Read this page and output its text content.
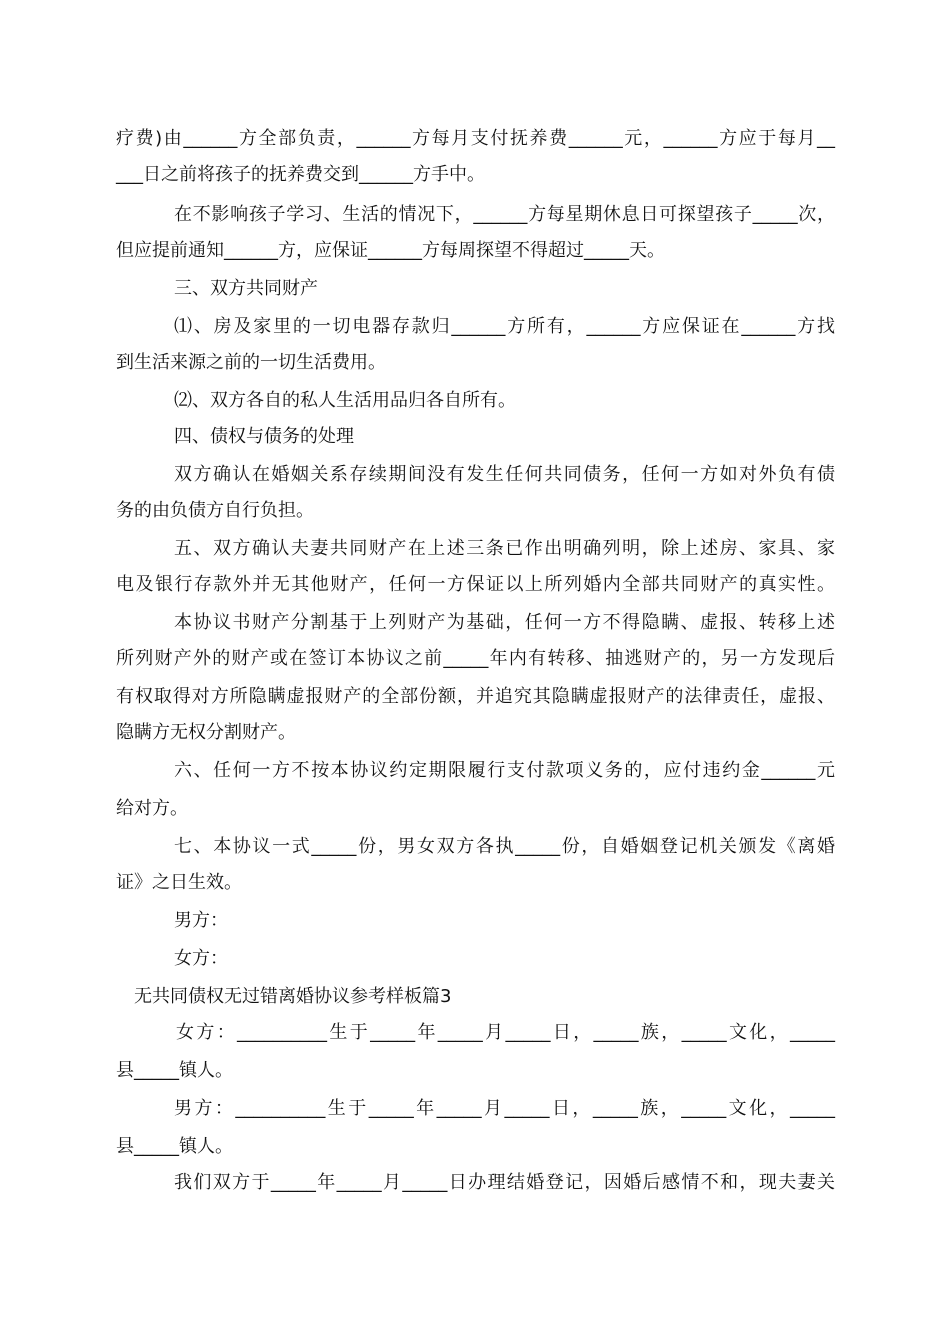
疗费)由______方全部负责，______方每月支付抚养费______元，______方应于每月__
___日之前将孩子的抚养费交到______方手中。
在不影响孩子学习、生活的情况下，______方每星期休息日可探望孩子_____次，
但应提前通知______方，应保证______方每周探望不得超过_____天。
三、双方共同财产
⑴、房及家里的一切电器存款归______方所有，______方应保证在______方找
到生活来源之前的一切生活费用。
⑵、双方各自的私人生活用品归各自所有。
四、债权与债务的处理
双方确认在婚姻关系存续期间没有发生任何共同债务，任何一方如对外负有债
务的由负债方自行负担。
五、双方确认夫妻共同财产在上述三条已作出明确列明，除上述房、家具、家
电及银行存款外并无其他财产，任何一方保证以上所列婚内全部共同财产的真实性。
本协议书财产分割基于上列财产为基础，任何一方不得隐瞒、虚报、转移上述
所列财产外的财产或在签订本协议之前_____年内有转移、抽逃财产的，另一方发现后
有权取得对方所隐瞒虚报财产的全部份额，并追究其隐瞒虚报财产的法律责任，虚报、
隐瞒方无权分割财产。
六、任何一方不按本协议约定期限履行支付款项义务的，应付违约金______元
给对方。
七、本协议一式_____份，男女双方各执_____份，自婚姻登记机关颁发《离婚
证》之日生效。
男方：
女方：
无共同债权无过错离婚协议参考样板篇3
女方：__________生于_____年_____月_____日，_____族，_____文化，_____
县_____镇人。
男方：__________生于_____年_____月_____日，_____族，_____文化，_____
县_____镇人。
我们双方于_____年_____月_____日办理结婚登记，因婚后感情不和，现夫妻关
